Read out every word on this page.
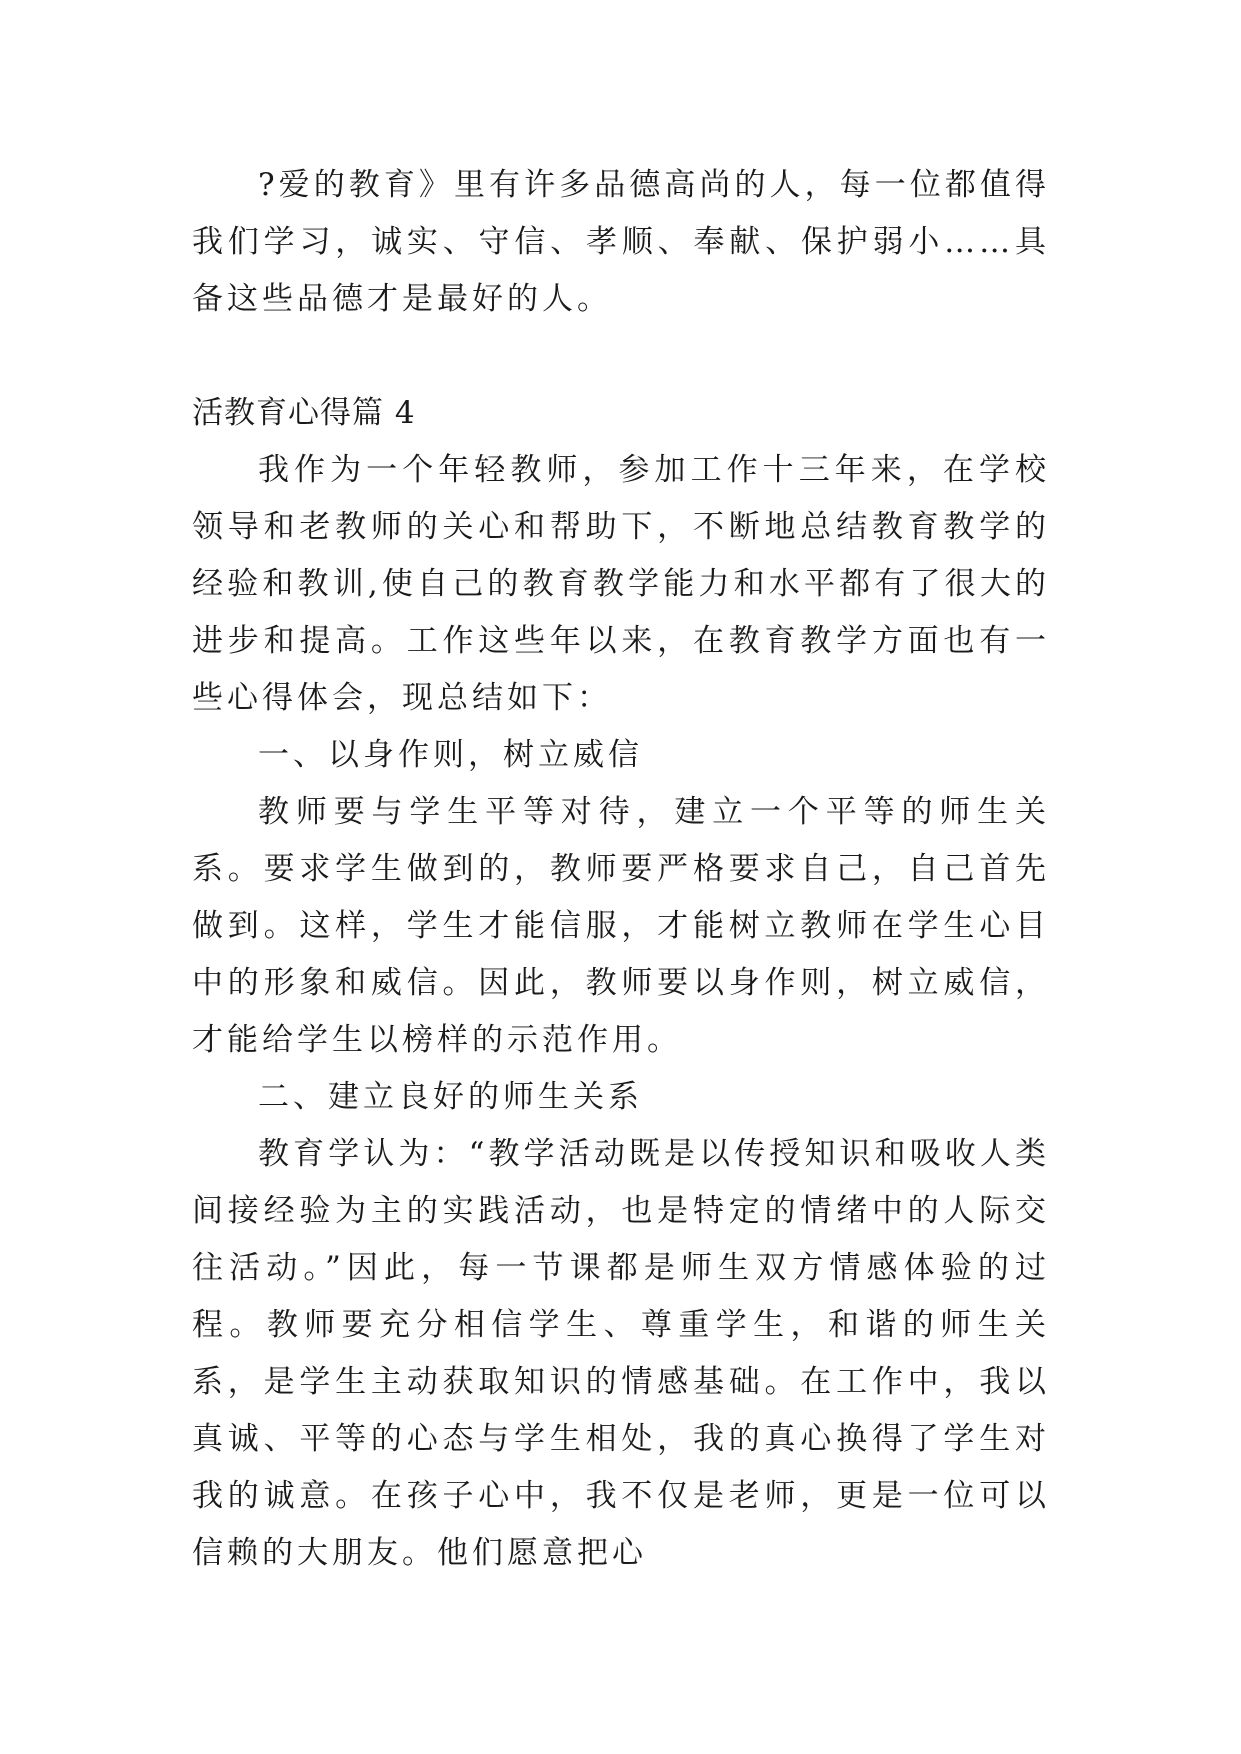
?爱的教育》里有许多品德高尚的人，每一位都值得我们学习，诚实、守信、孝顺、奉献、保护弱小……具备这些品德才是最好的人。

活教育心得篇 4

我作为一个年轻教师，参加工作十三年来，在学校领导和老教师的关心和帮助下，不断地总结教育教学的经验和教训,使自己的教育教学能力和水平都有了很大的进步和提高。工作这些年以来，在教育教学方面也有一些心得体会，现总结如下：

一、以身作则，树立威信

教师要与学生平等对待，建立一个平等的师生关系。要求学生做到的，教师要严格要求自己，自己首先做到。这样，学生才能信服，才能树立教师在学生心目中的形象和威信。因此，教师要以身作则，树立威信，才能给学生以榜样的示范作用。

二、建立良好的师生关系

教育学认为：“教学活动既是以传授知识和吸收人类间接经验为主的实践活动，也是特定的情绪中的人际交往活动。”因此，每一节课都是师生双方情感体验的过程。教师要充分相信学生、尊重学生，和谐的师生关系，是学生主动获取知识的情感基础。在工作中，我以真诚、平等的心态与学生相处，我的真心换得了学生对我的诚意。在孩子心中，我不仅是老师，更是一位可以信赖的大朋友。他们愿意把心
